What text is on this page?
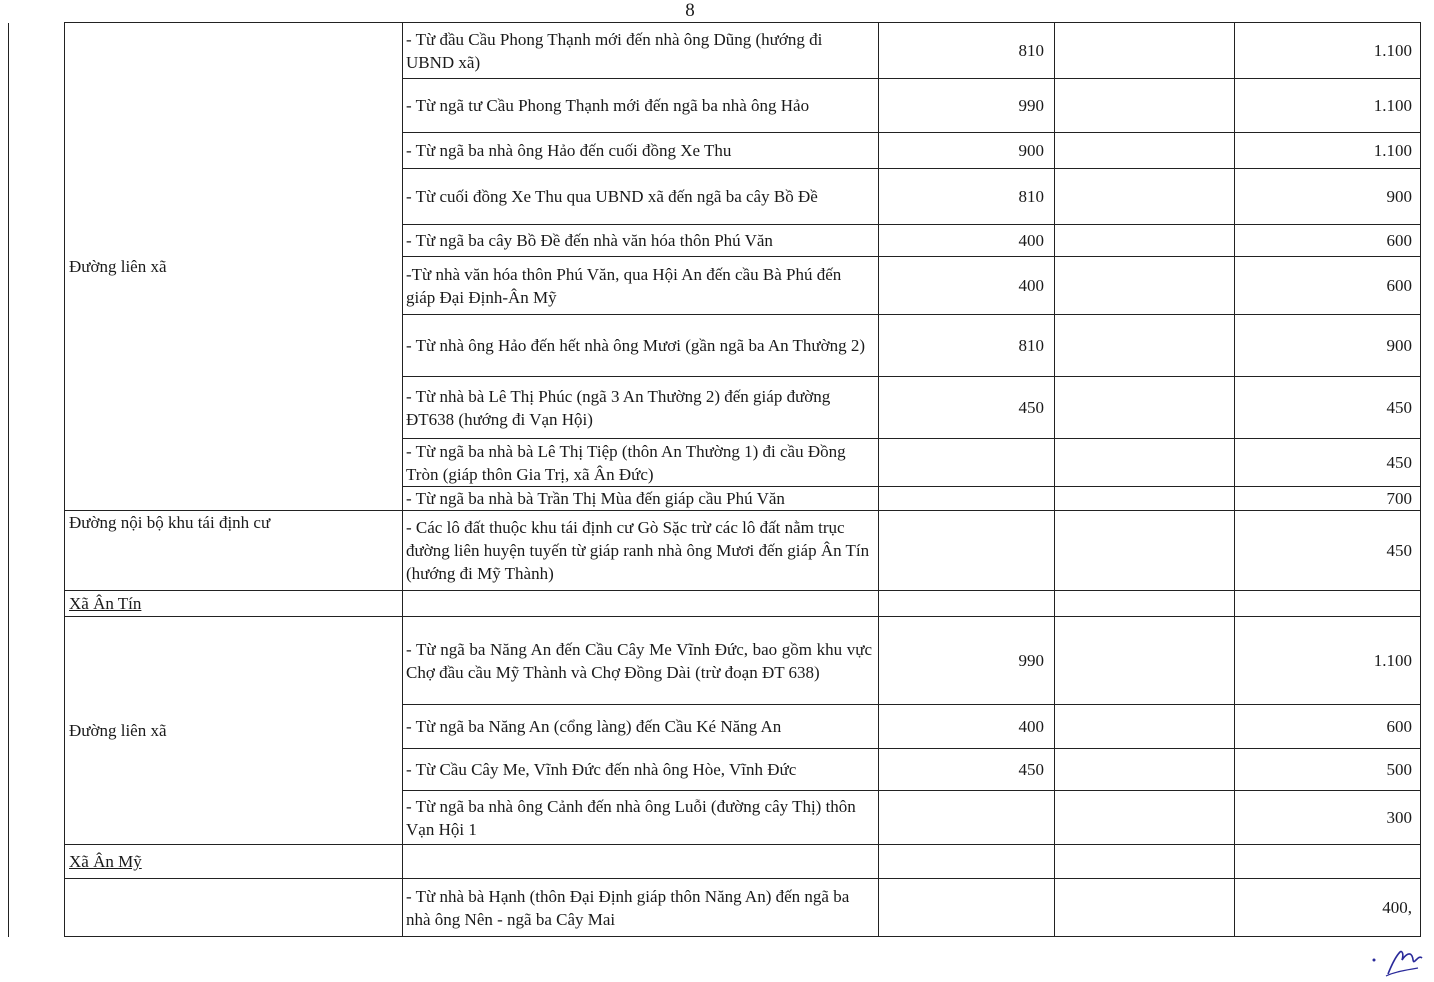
8
	Đường liên xã	- Từ đầu Cầu Phong Thạnh mới đến nhà ông Dũng (hướng đi UBND xã)	810		1.100
		- Từ ngã tư Cầu Phong Thạnh mới đến ngã ba nhà ông Hảo	990		1.100
		- Từ ngã ba nhà ông Hảo đến cuối đồng Xe Thu	900		1.100
		- Từ cuối đồng Xe Thu qua UBND xã đến ngã ba cây Bồ Đề	810		900
		- Từ ngã ba cây Bồ Đề đến nhà văn hóa thôn Phú Văn	400		600
		-Từ nhà văn hóa thôn Phú Văn, qua Hội An đến cầu Bà Phú đến giáp Đại Định-Ân Mỹ	400		600
		- Từ nhà ông Hảo đến hết nhà ông Mươi (gần ngã ba An Thường 2)	810		900
		- Từ nhà bà Lê Thị Phúc (ngã 3 An Thường 2) đến giáp đường ĐT638 (hướng đi Vạn Hội)	450		450
		- Từ ngã ba nhà bà Lê Thị Tiệp (thôn An Thường 1) đi cầu Đồng Tròn (giáp thôn Gia Trị, xã Ân Đức)			450
		- Từ ngã ba nhà bà Trần Thị Mùa đến giáp cầu Phú Văn			700
	Đường nội bộ khu tái định cư	- Các lô đất thuộc khu tái định cư Gò Sặc trừ các lô đất nằm trục đường liên huyện tuyến từ giáp ranh nhà ông Mươi đến giáp Ân Tín (hướng đi Mỹ Thành)			450
	Xã Ân Tín				
	Đường liên xã	- Từ ngã ba Năng An đến Cầu Cây Me Vĩnh Đức, bao gồm khu vực Chợ đầu cầu Mỹ Thành và Chợ Đồng Dài (trừ đoạn ĐT 638)	990		1.100
		- Từ ngã ba Năng An (cổng làng) đến Cầu Ké Năng An	400		600
		- Từ Cầu Cây Me, Vĩnh Đức đến nhà ông Hòe, Vĩnh Đức	450		500
		- Từ ngã ba nhà ông Cảnh đến nhà ông Luỗi (đường cây Thị) thôn Vạn Hội 1			300
	Xã Ân Mỹ				
		- Từ nhà bà Hạnh (thôn Đại Định giáp thôn Năng An) đến ngã ba nhà ông Nên - ngã ba Cây Mai			400,
